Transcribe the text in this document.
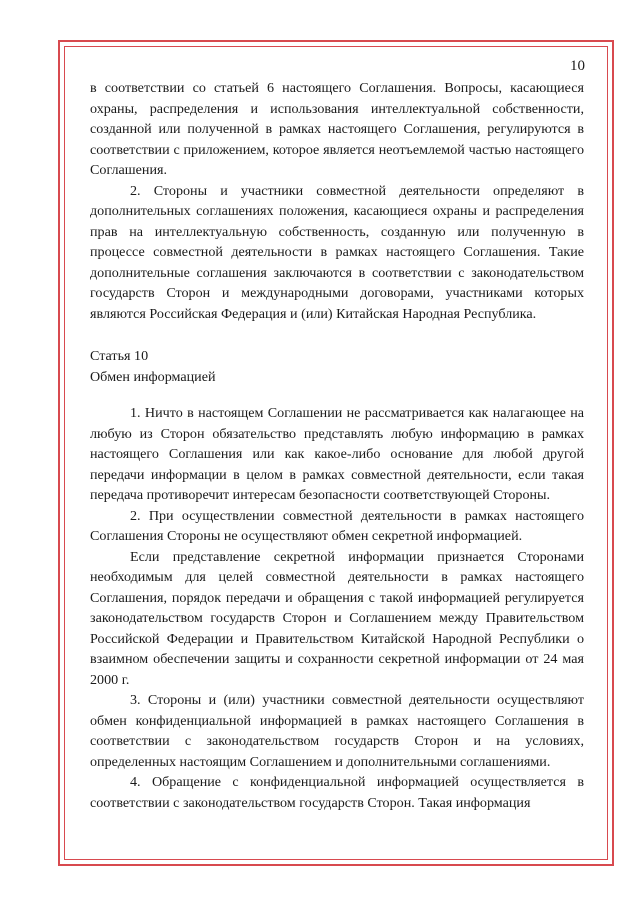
10

в соответствии со статьей 6 настоящего Соглашения. Вопросы, касающиеся охраны, распределения и использования интеллектуальной собственности, созданной или полученной в рамках настоящего Соглашения, регулируются в соответствии с приложением, которое является неотъемлемой частью настоящего Соглашения.

2. Стороны и участники совместной деятельности определяют в дополнительных соглашениях положения, касающиеся охраны и распределения прав на интеллектуальную собственность, созданную или полученную в процессе совместной деятельности в рамках настоящего Соглашения. Такие дополнительные соглашения заключаются в соответствии с законодательством государств Сторон и международными договорами, участниками которых являются Российская Федерация и (или) Китайская Народная Республика.

Статья 10

Обмен информацией

1. Ничто в настоящем Соглашении не рассматривается как налагающее на любую из Сторон обязательство представлять любую информацию в рамках настоящего Соглашения или как какое-либо основание для любой другой передачи информации в целом в рамках совместной деятельности, если такая передача противоречит интересам безопасности соответствующей Стороны.

2. При осуществлении совместной деятельности в рамках настоящего Соглашения Стороны не осуществляют обмен секретной информацией.

Если представление секретной информации признается Сторонами необходимым для целей совместной деятельности в рамках настоящего Соглашения, порядок передачи и обращения с такой информацией регулируется законодательством государств Сторон и Соглашением между Правительством Российской Федерации и Правительством Китайской Народной Республики о взаимном обеспечении защиты и сохранности секретной информации от 24 мая 2000 г.

3. Стороны и (или) участники совместной деятельности осуществляют обмен конфиденциальной информацией в рамках настоящего Соглашения в соответствии с законодательством государств Сторон и на условиях, определенных настоящим Соглашением и дополнительными соглашениями.

4. Обращение с конфиденциальной информацией осуществляется в соответствии с законодательством государств Сторон. Такая информация
